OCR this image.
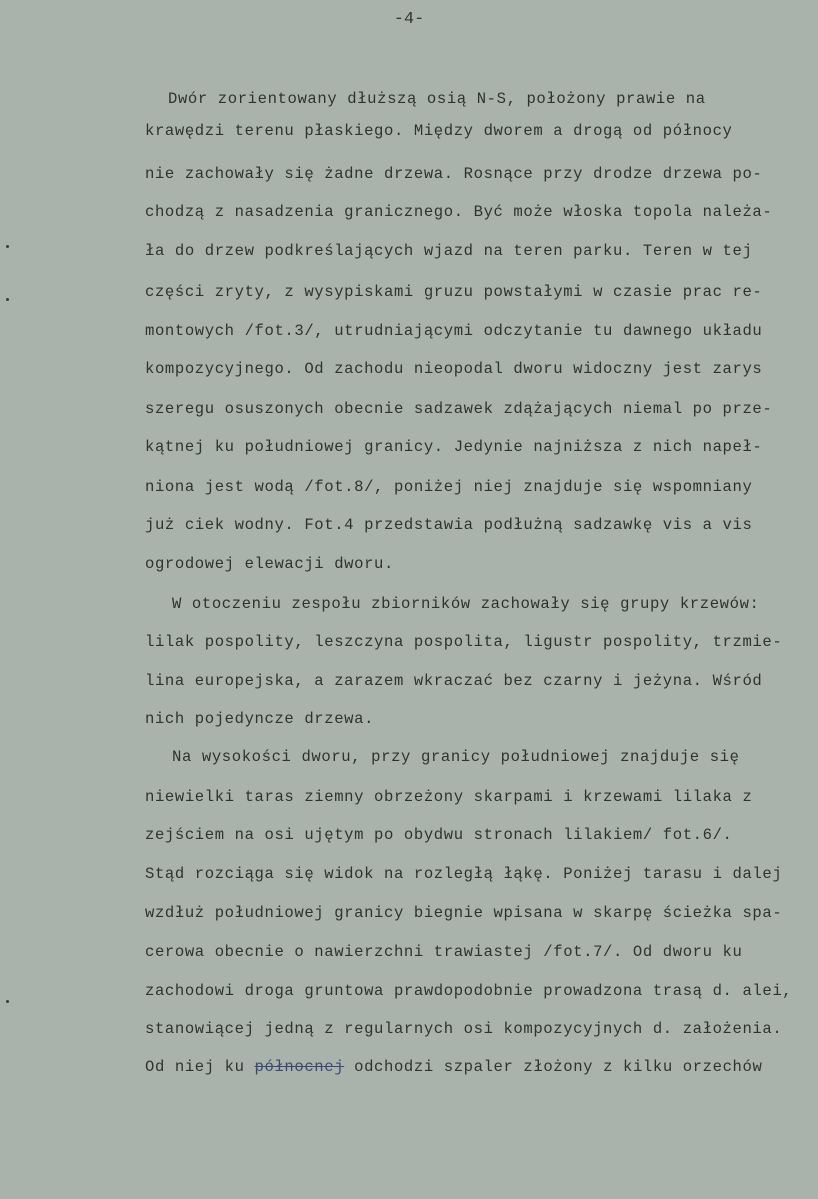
-4-
Dwór zorientowany dłuższą osią N-S, położony prawie na
krawędzi terenu płaskiego. Między dworem a drogą od północy
nie zachowały się żadne drzewa. Rosnące przy drodze drzewa po-
chodzą z nasadzenia granicznego. Być może włoska topola należa-
ła do drzew podkreślających wjazd na teren parku. Teren w tej
części zryty, z wysypiskami gruzu powstałymi w czasie prac re-
montowych /fot.3/, utrudniającymi odczytanie tu dawnego układu
kompozycyjnego. Od zachodu nieopodal dworu widoczny jest zarys
szeregu osuszonych obecnie sadzawek zdążających niemal po prze-
kątnej ku południowej granicy. Jedynie najniższa z nich napeł-
niona jest wodą /fot.8/, poniżej niej znajduje się wspomniany
już ciek wodny. Fot.4 przedstawia podłużną sadzawkę vis a vis
ogrodowej elewacji dworu.
W otoczeniu zespołu zbiorników zachowały się grupy krzewów:
lilak pospolity, leszczyna pospolita, ligustr pospolity, trzmie-
lina europejska, a zarazem wkraczać bez czarny i jeżyna. Wśród
nich pojedyncze drzewa.
Na wysokości dworu, przy granicy południowej znajduje się
niewielki taras ziemny obrzeżony skarpami i krzewami lilaka z
zejściem na osi ujętym po obydwu stronach lilakiem/ fot.6/.
Stąd rozciąga się widok na rozległą łąkę. Poniżej tarasu i dalej
wzdłuż południowej granicy biegnie wpisana w skarpę ścieżka spa-
cerowa obecnie o nawierzchni trawiastej /fot.7/. Od dworu ku
zachodowi droga gruntowa prawdopodobnie prowadzona trasą d. alei,
stanowiącej jedną z regularnych osi kompozycyjnych d. założenia.
Od niej ku północnej odchodzi szpaler złożony z kilku orzechów
